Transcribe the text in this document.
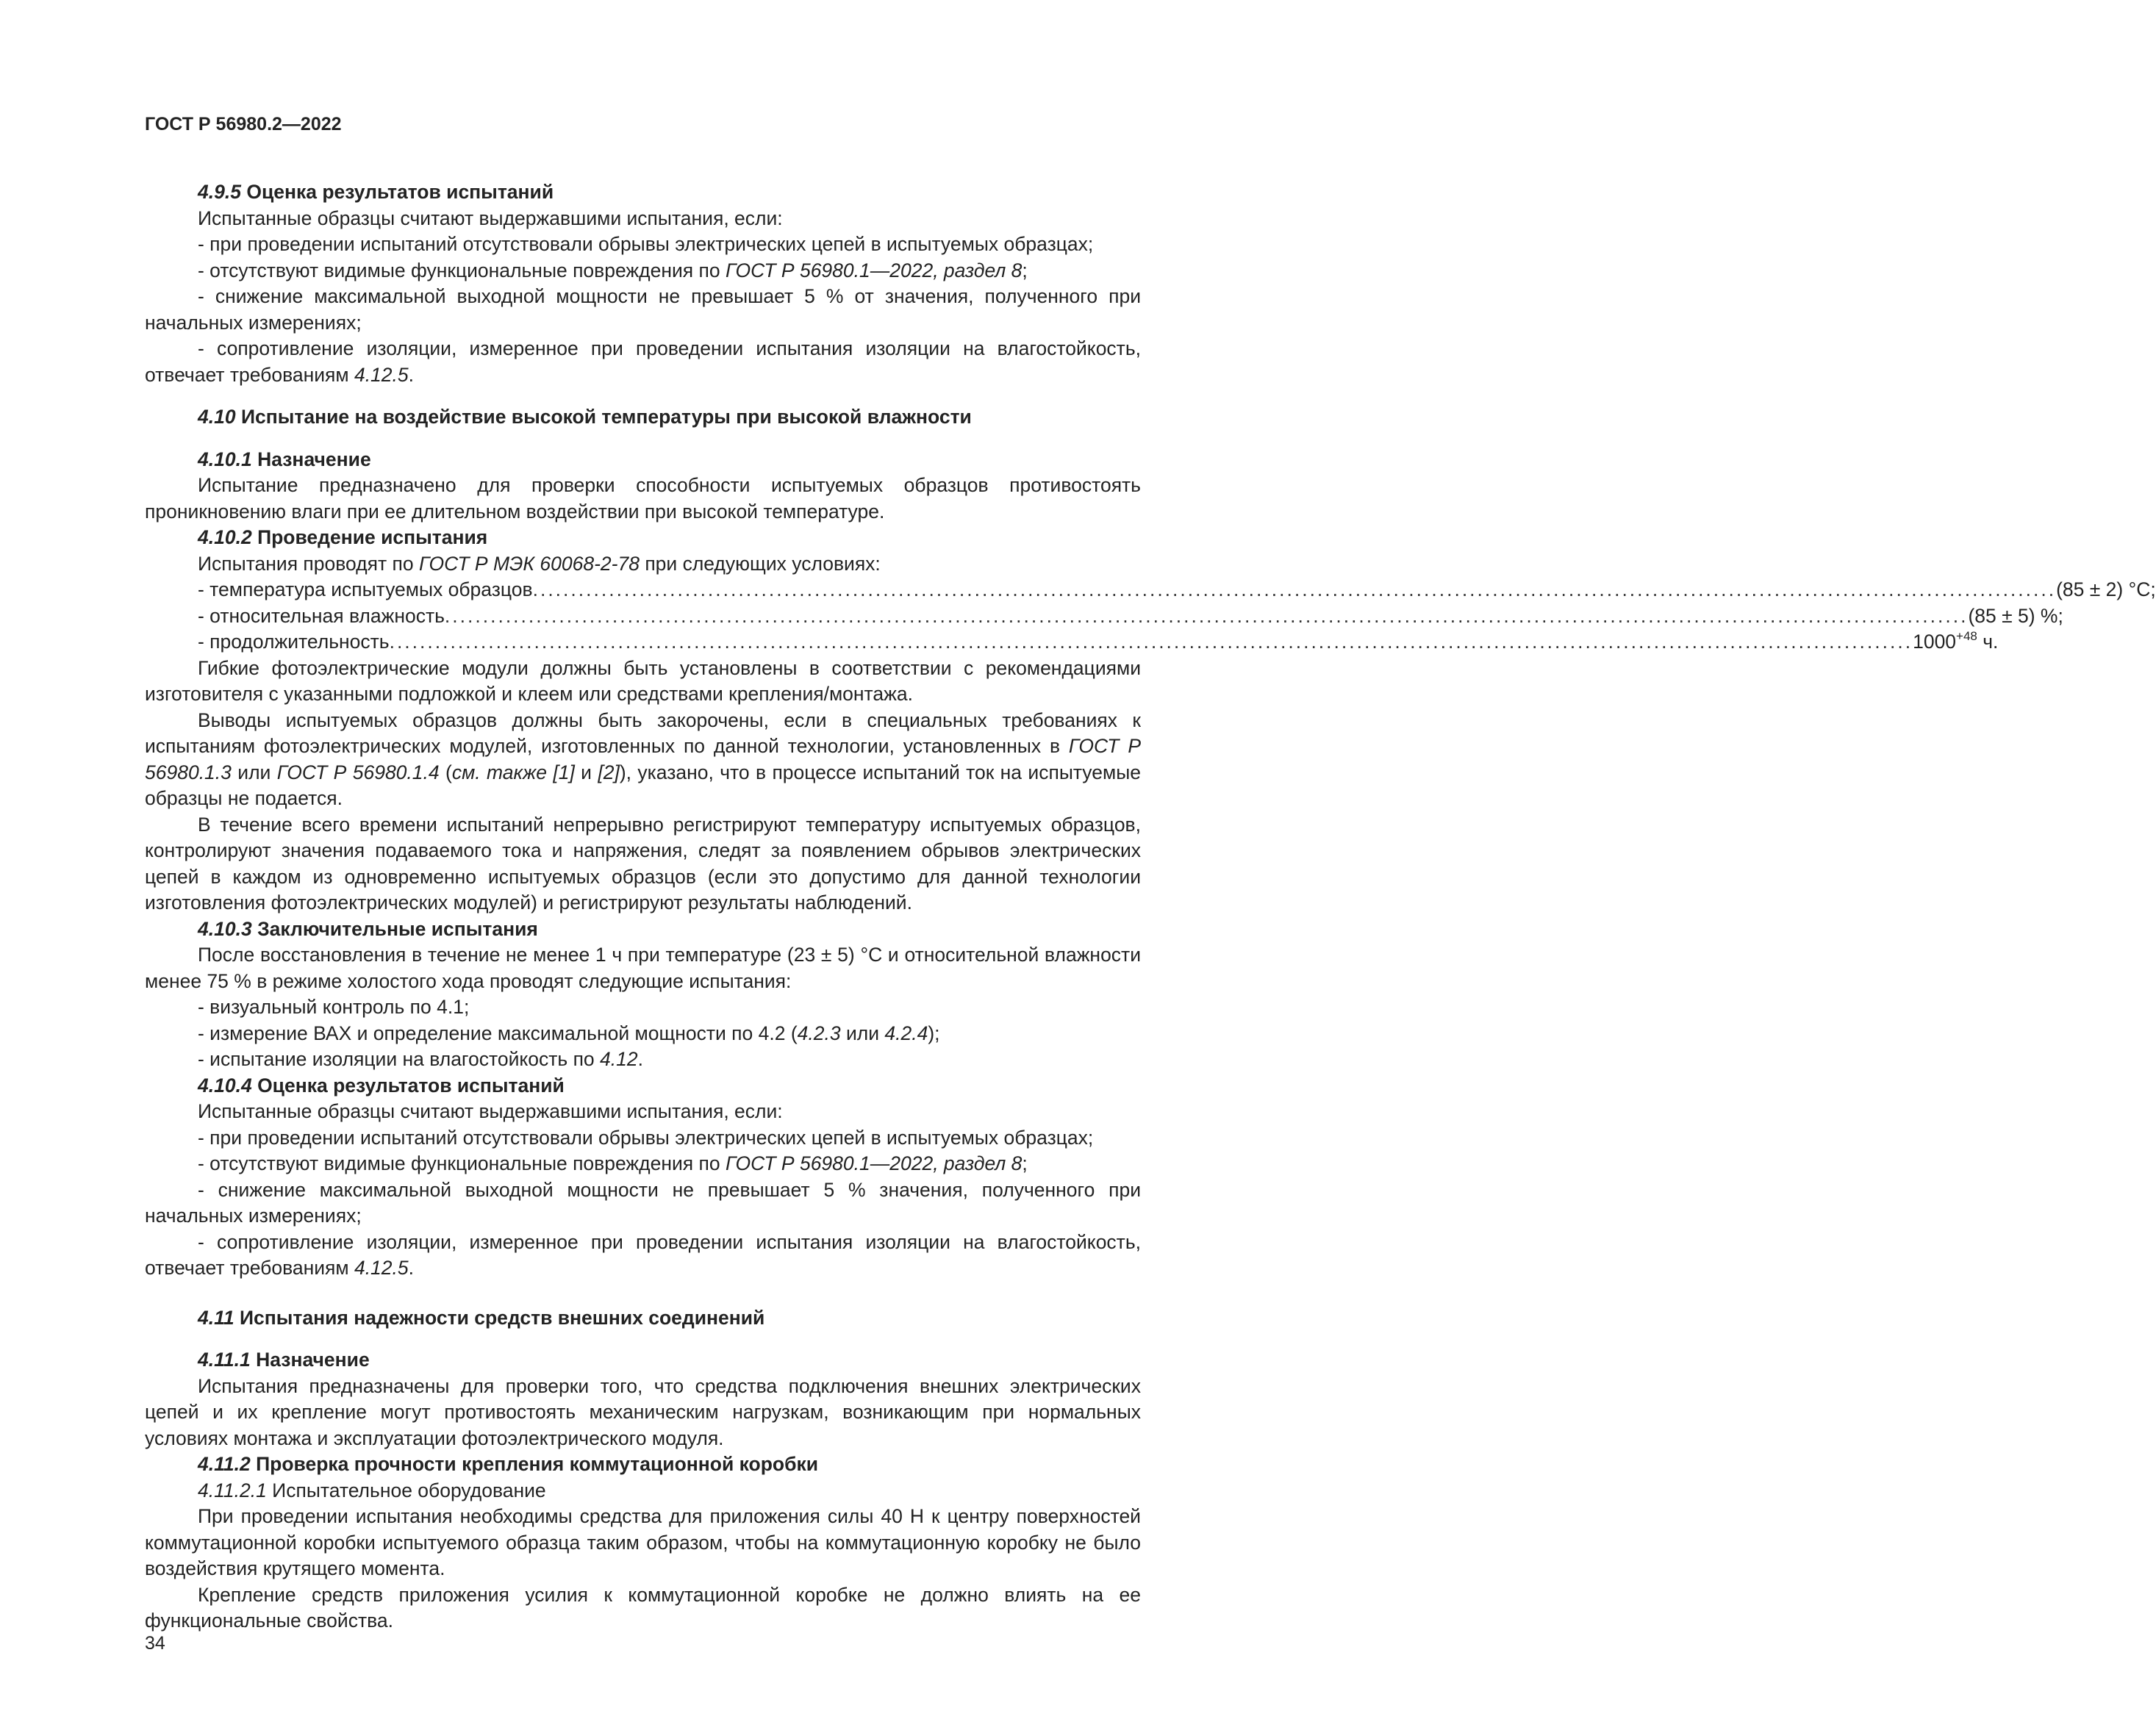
ГОСТ Р 56980.2—2022

4.9.5 Оценка результатов испытаний

Испытанные образцы считают выдержавшими испытания, если:

- при проведении испытаний отсутствовали обрывы электрических цепей в испытуемых образцах;

- отсутствуют видимые функциональные повреждения по ГОСТ Р 56980.1—2022, раздел 8;

- снижение максимальной выходной мощности не превышает 5 % от значения, полученного при начальных измерениях;

- сопротивление изоляции, измеренное при проведении испытания изоляции на влагостойкость, отвечает требованиям 4.12.5.

4.10 Испытание на воздействие высокой температуры при высокой влажности

4.10.1 Назначение

Испытание предназначено для проверки способности испытуемых образцов противостоять проникновению влаги при ее длительном воздействии при высокой температуре.

4.10.2 Проведение испытания

Испытания проводят по ГОСТ Р МЭК 60068-2-78 при следующих условиях:

- температура испытуемых образцов ........................................................................................................................................................................................................ (85 ± 2) °C;
- относительная влажность ........................................................................................................................................................................................................ (85 ± 5) %;
- продолжительность ........................................................................................................................................................................................................ $1000^{+48}$ ч.

Гибкие фотоэлектрические модули должны быть установлены в соответствии с рекомендациями изготовителя с указанными подложкой и клеем или средствами крепления/монтажа.

Выводы испытуемых образцов должны быть закорочены, если в специальных требованиях к испытаниям фотоэлектрических модулей, изготовленных по данной технологии, установленных в ГОСТ Р 56980.1.3 или ГОСТ Р 56980.1.4 (см. также [1] и [2]), указано, что в процессе испытаний ток на испытуемые образцы не подается.

В течение всего времени испытаний непрерывно регистрируют температуру испытуемых образцов, контролируют значения подаваемого тока и напряжения, следят за появлением обрывов электрических цепей в каждом из одновременно испытуемых образцов (если это допустимо для данной технологии изготовления фотоэлектрических модулей) и регистрируют результаты наблюдений.

4.10.3 Заключительные испытания

После восстановления в течение не менее 1 ч при температуре (23 ± 5) °C и относительной влажности менее 75 % в режиме холостого хода проводят следующие испытания:

- визуальный контроль по 4.1;

- измерение ВАХ и определение максимальной мощности по 4.2 (4.2.3 или 4.2.4);

- испытание изоляции на влагостойкость по 4.12.

4.10.4 Оценка результатов испытаний

Испытанные образцы считают выдержавшими испытания, если:

- при проведении испытаний отсутствовали обрывы электрических цепей в испытуемых образцах;

- отсутствуют видимые функциональные повреждения по ГОСТ Р 56980.1—2022, раздел 8;

- снижение максимальной выходной мощности не превышает 5 % значения, полученного при начальных измерениях;

- сопротивление изоляции, измеренное при проведении испытания изоляции на влагостойкость, отвечает требованиям 4.12.5.

4.11 Испытания надежности средств внешних соединений

4.11.1 Назначение

Испытания предназначены для проверки того, что средства подключения внешних электрических цепей и их крепление могут противостоять механическим нагрузкам, возникающим при нормальных условиях монтажа и эксплуатации фотоэлектрического модуля.

4.11.2 Проверка прочности крепления коммутационной коробки

4.11.2.1 Испытательное оборудование

При проведении испытания необходимы средства для приложения силы 40 Н к центру поверхностей коммутационной коробки испытуемого образца таким образом, чтобы на коммутационную коробку не было воздействия крутящего момента.

Крепление средств приложения усилия к коммутационной коробке не должно влиять на ее функциональные свойства.

34
